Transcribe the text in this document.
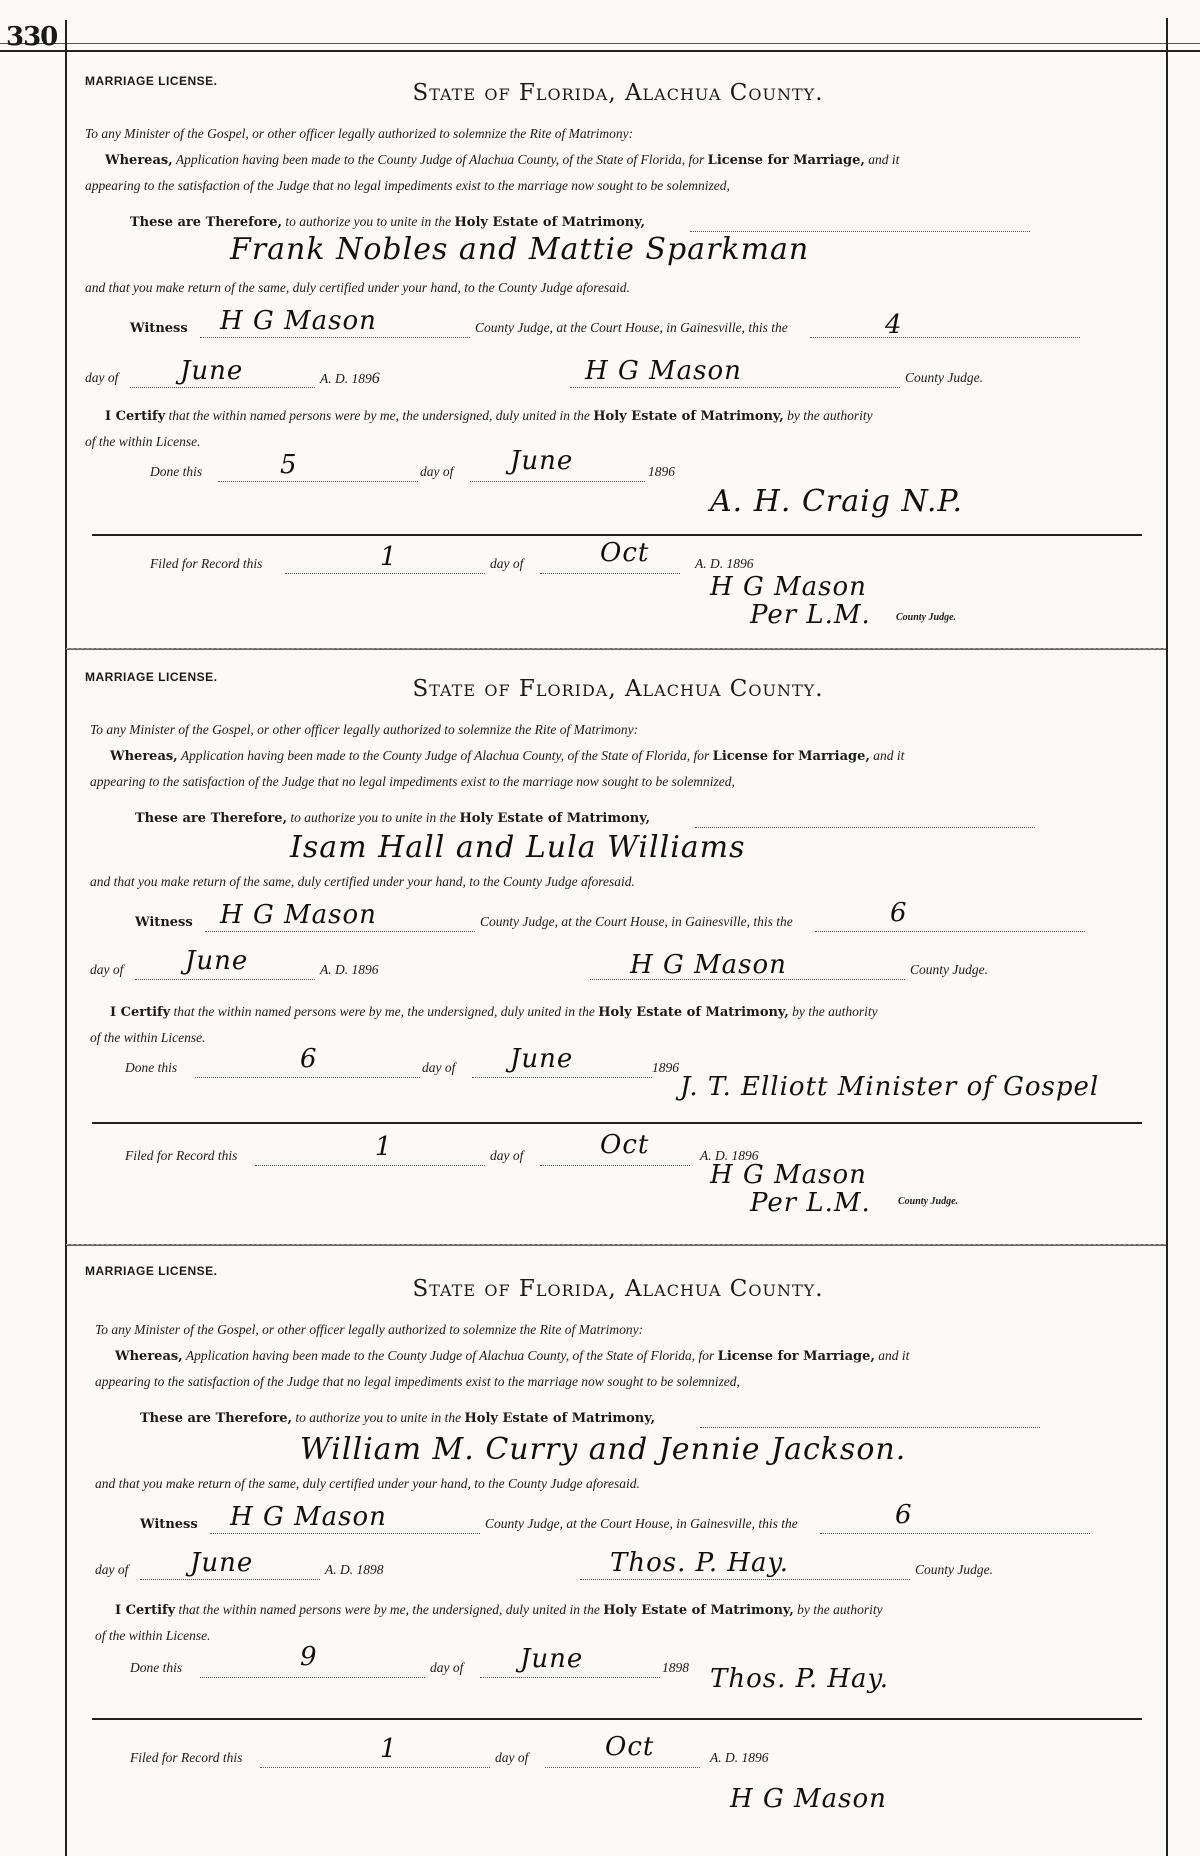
330
MARRIAGE LICENSE.	State of Florida, Alachua County.
To any Minister of the Gospel, or other officer legally authorized to solemnize the Rite of Matrimony:
Whereas, Application having been made to the County Judge of Alachua County, of the State of Florida, for License for Marriage, and it
appearing to the satisfaction of the Judge that no legal impediments exist to the marriage now sought to be solemnized,
These are Therefore, to authorize you to unite in the Holy Estate of Matrimony,
Frank Nobles and Mattie Sparkman
and that you make return of the same, duly certified under your hand, to the County Judge aforesaid.
Witness H G Mason	County Judge, at the Court House, in Gainesville, this the	4
day of June	A. D. 1896	H G Mason	County Judge.
I Certify that the within named persons were by me, the undersigned, duly united in the Holy Estate of Matrimony, by the authority
of the within License.
Done this	5	day of June	1896
A. H. Craig N.P.
Filed for Record this	1	day of	Oct	A. D. 1896
H G Mason
Per L.M.	County Judge.
MARRIAGE LICENSE.	State of Florida, Alachua County.
To any Minister of the Gospel, or other officer legally authorized to solemnize the Rite of Matrimony:
Whereas, Application having been made to the County Judge of Alachua County, of the State of Florida, for License for Marriage, and it
appearing to the satisfaction of the Judge that no legal impediments exist to the marriage now sought to be solemnized,
These are Therefore, to authorize you to unite in the Holy Estate of Matrimony,
Isam Hall and Lula Williams
and that you make return of the same, duly certified under your hand, to the County Judge aforesaid.
Witness H G Mason	County Judge, at the Court House, in Gainesville, this the	6
day of June	A. D. 1896	H G Mason	County Judge.
I Certify that the within named persons were by me, the undersigned, duly united in the Holy Estate of Matrimony, by the authority
of the within License.
Done this	6	day of June	1896
J. T. Elliott Minister of Gospel
Filed for Record this	1	day of	Oct	A. D. 1896
H G Mason
Per L.M.	County Judge.
MARRIAGE LICENSE.
State of Florida, Alachua County.
To any Minister of the Gospel, or other officer legally authorized to solemnize the Rite of Matrimony:
Whereas, Application having been made to the County Judge of Alachua County, of the State of Florida, for License for Marriage, and it
appearing to the satisfaction of the Judge that no legal impediments exist to the marriage now sought to be solemnized,
These are Therefore, to authorize you to unite in the Holy Estate of Matrimony,
William M. Curry and Jennie Jackson.
and that you make return of the same, duly certified under your hand, to the County Judge aforesaid.
Witness H G Mason	County Judge, at the Court House, in Gainesville, this the	6
day of June	A. D. 1898	Thos. P. Hay.	County Judge.
I Certify that the within named persons were by me, the undersigned, duly united in the Holy Estate of Matrimony, by the authority
of the within License.
Done this	9	day of June	1898 Thos. P. Hay.
Filed for Record this	1	day of	Oct	A. D. 1896
H G Mason
